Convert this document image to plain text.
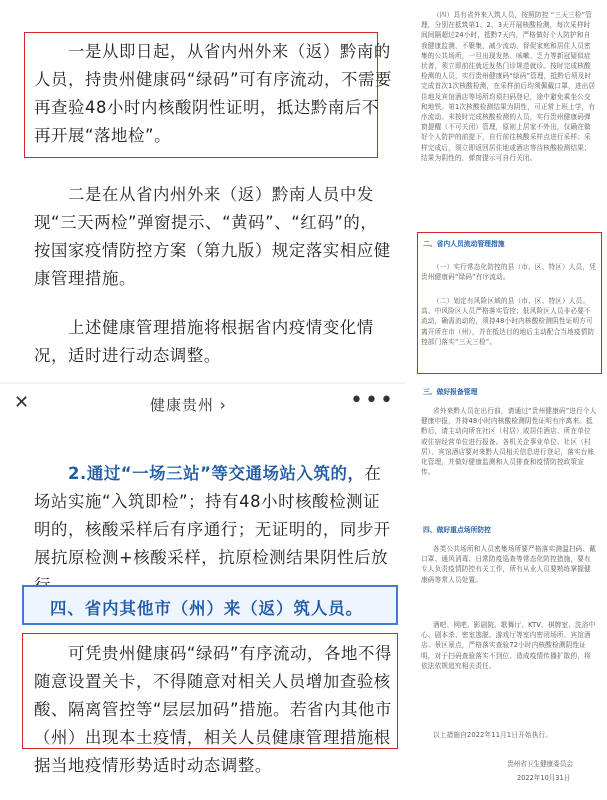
一是从即日起，从省内州外来（返）黔南的人员，持贵州健康码“绿码”可有序流动，不需要再查验48小时内核酸阴性证明，抵达黔南后不再开展“落地检”。
二是在从省内州外来（返）黔南人员中发现“三天两检”弹窗提示、“黄码”、“红码”的，按国家疫情防控方案（第九版）规定落实相应健康管理措施。
上述健康管理措施将根据省内疫情变化情况，适时进行动态调整。
✕	健康贵州 ›	•••
2.通过“一场三站”等交通场站入筑的，在场站实施“入筑即检”；持有48小时核酸检测证明的，核酸采样后有序通行；无证明的，同步开展抗原检测+核酸采样，抗原检测结果阴性后放
四、省内其他市（州）来（返）筑人员。
可凭贵州健康码“绿码”有序流动，各地不得随意设置关卡，不得随意对相关人员增加查验核酸、隔离管控等“层层加码”措施。若省内其他市（州）出现本土疫情，相关人员健康管理措施根据当地疫情形势适时动态调整。
（四）具有省外来入筑人员，按照防控 “三天三检”管理，分别在抵筑第1、2、3天开展核酸检测，每次采样时间间隔超过24小时，抵黔7天内，严格做好个人防护和自我健康监测，不聚集，减少流动，督促家庭和居住人员密集的公共场所，一旦出现发热、咳嗽、乏力等新冠疑似症状者，须立即前往就近发热门诊规范就诊。按时完成核酸检测的人员，实行贵州健康码“绿码”管理，抵黔后须及时完成首次1次核酸检测，在采样前后均须佩戴口罩，进出居住地及宾馆酒店等场所均须扫码登记，途中避免乘坐公交和地铁。第1次核酸检测结果为阴性，可正常上班上学，有序流动。未按时完成核酸检测的人员，实行贵州健康码弹窗提醒（不可关闭）管理，原则上居家不外出，仅确在做好个人防护的前提下，自行前往核酸采样点进行采样；采样完成后，须立即返回居住地或酒店等待核酸检测结果；结果为阴性的，弹窗提示可自行关闭。
二、省内人员流动管理措施
（一）实行常态化防控的县（市、区、特区）人员，凭贵州健康码“绿码”有序流动。
（二）划定有风险区域的县（市、区、特区）人员。高、中风险区人员严格落实管控；低风险区人员非必要不流动，确需流动的，须持48小时内核酸检测阴性证明方可离开所在市（州），并在抵达目的地后主动配合当地疫情防控部门落实“三天三检”。
三、做好报备管理
省外来黔人员在出行前，请通过“贵州健康码”进行个人健康申报，并持48小时内核酸检测阴性证明有序离来。抵黔后，请主动向所在社区（村居）或居住酒店、所在单位或住宿经营单位进行报备。各机关企事业单位、社区（村居）、宾馆酒店要对来黔人员相关信息进行登记，落实台账化管理，并做好健康监测和人员排查和疫情防控政策宣传。
四、做好重点场所防控
各类公共场所和人员密集场所要严格落实测温扫码、戴口罩、通风消毒、日常防疫巡查等常态化防控措施，要有专人负责疫情防控有关工作，所有从业人员要熟练掌握健康码等常人员处置。
酒吧、网吧、影剧院、歌舞厅、KTV、棋牌室、洗浴中心、剧本杀、密室逃脱、游戏厅等室内密闭场所、宾馆酒店、景区景点，严格落实查验72小时内核酸检测阴性证明，对于扫码查验落实不到位、造成疫情传播扩散的，将依法依规追究相关责任。
以上措施自2022年11月1日开始执行。
贵州省卫生健康委员会
2022年10月31日
